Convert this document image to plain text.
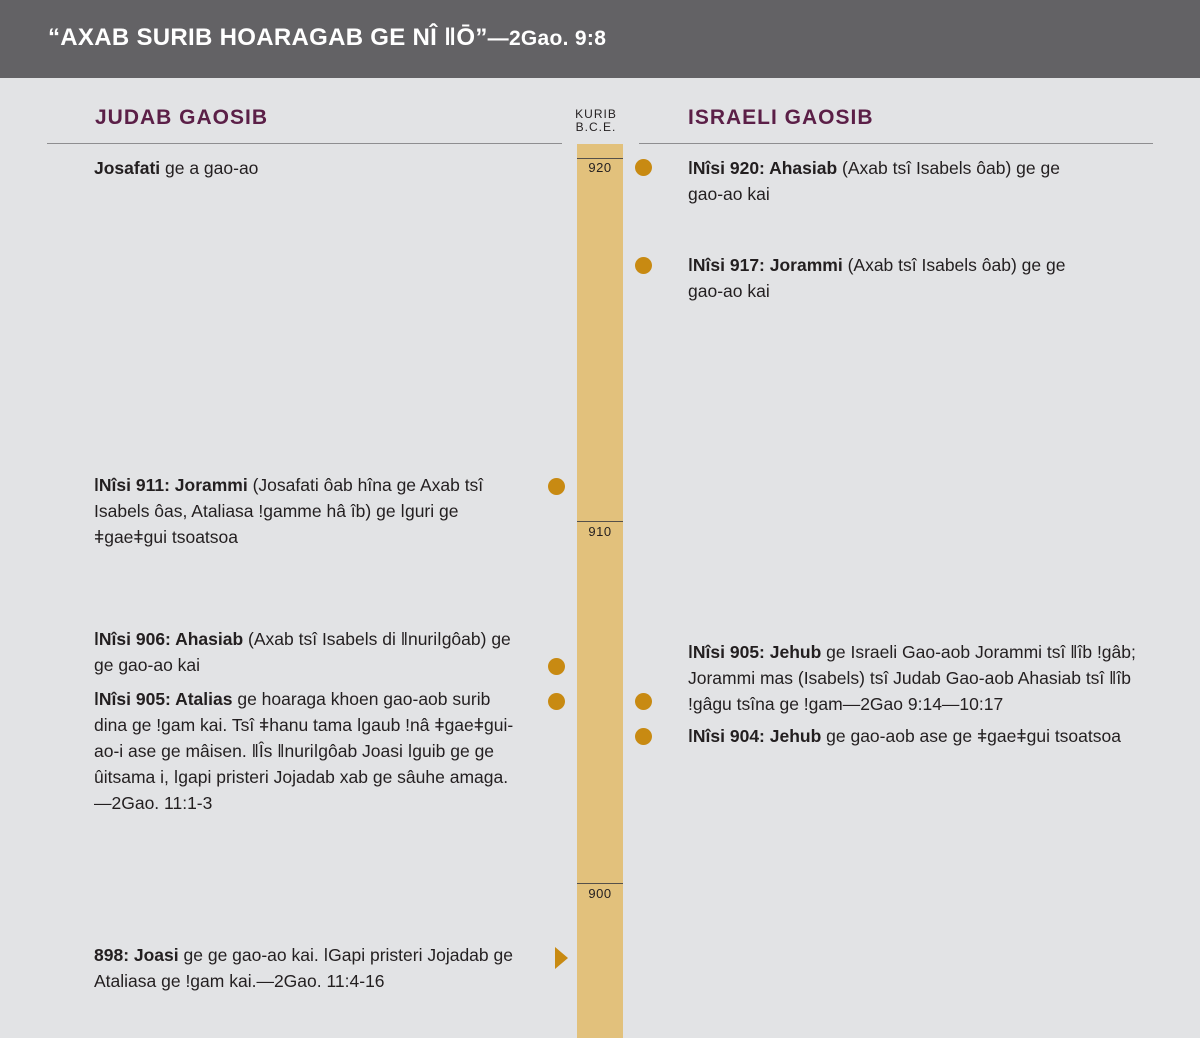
“AXAB SURIB HOARAGAB GE NÎ ǁŌ”—2Gao. 9:8
JUDAB GAOSIB	ISRAELI GAOSIB
KURIB
B.C.E.
920
910
900
Josafati ge a gao-ao
ǀNîsi 911: Jorammi (Josafati ôab hîna ge Axab tsî Isabels ôas, Ataliasa ǃgamme hâ îb) ge ǀguri ge ǂgaeǂgui tsoatsoa
ǀNîsi 906: Ahasiab (Axab tsî Isabels di ǁnuriǀgôab) ge ge gao-ao kai
ǀNîsi 905: Atalias ge hoaraga khoen gao-aob surib dina ge ǃgam kai. Tsî ǂhanu tama ǀgaub ǃnâ ǂgaeǂgui-ao-i ase ge mâisen. ǁÎs ǁnuriǀgôab Joasi ǀguib ge ge ûitsama i, ǀgapi pristeri Jojadab xab ge sâuhe amaga.—2Gao. 11:1-3
898: Joasi ge ge gao-ao kai. ǀGapi pristeri Jojadab ge Ataliasa ge ǃgam kai.—2Gao. 11:4-16
ǀNîsi 920: Ahasiab (Axab tsî Isabels ôab) ge ge gao-ao kai
ǀNîsi 917: Jorammi (Axab tsî Isabels ôab) ge ge gao-ao kai
ǀNîsi 905: Jehub ge Israeli Gao-aob Jorammi tsî ǁîb ǃgâb; Jorammi mas (Isabels) tsî Judab Gao-aob Ahasiab tsî ǁîb ǃgâgu tsîna ge ǃgam—2Gao 9:14—10:17
ǀNîsi 904: Jehub ge gao-aob ase ge ǂgaeǂgui tsoatsoa
